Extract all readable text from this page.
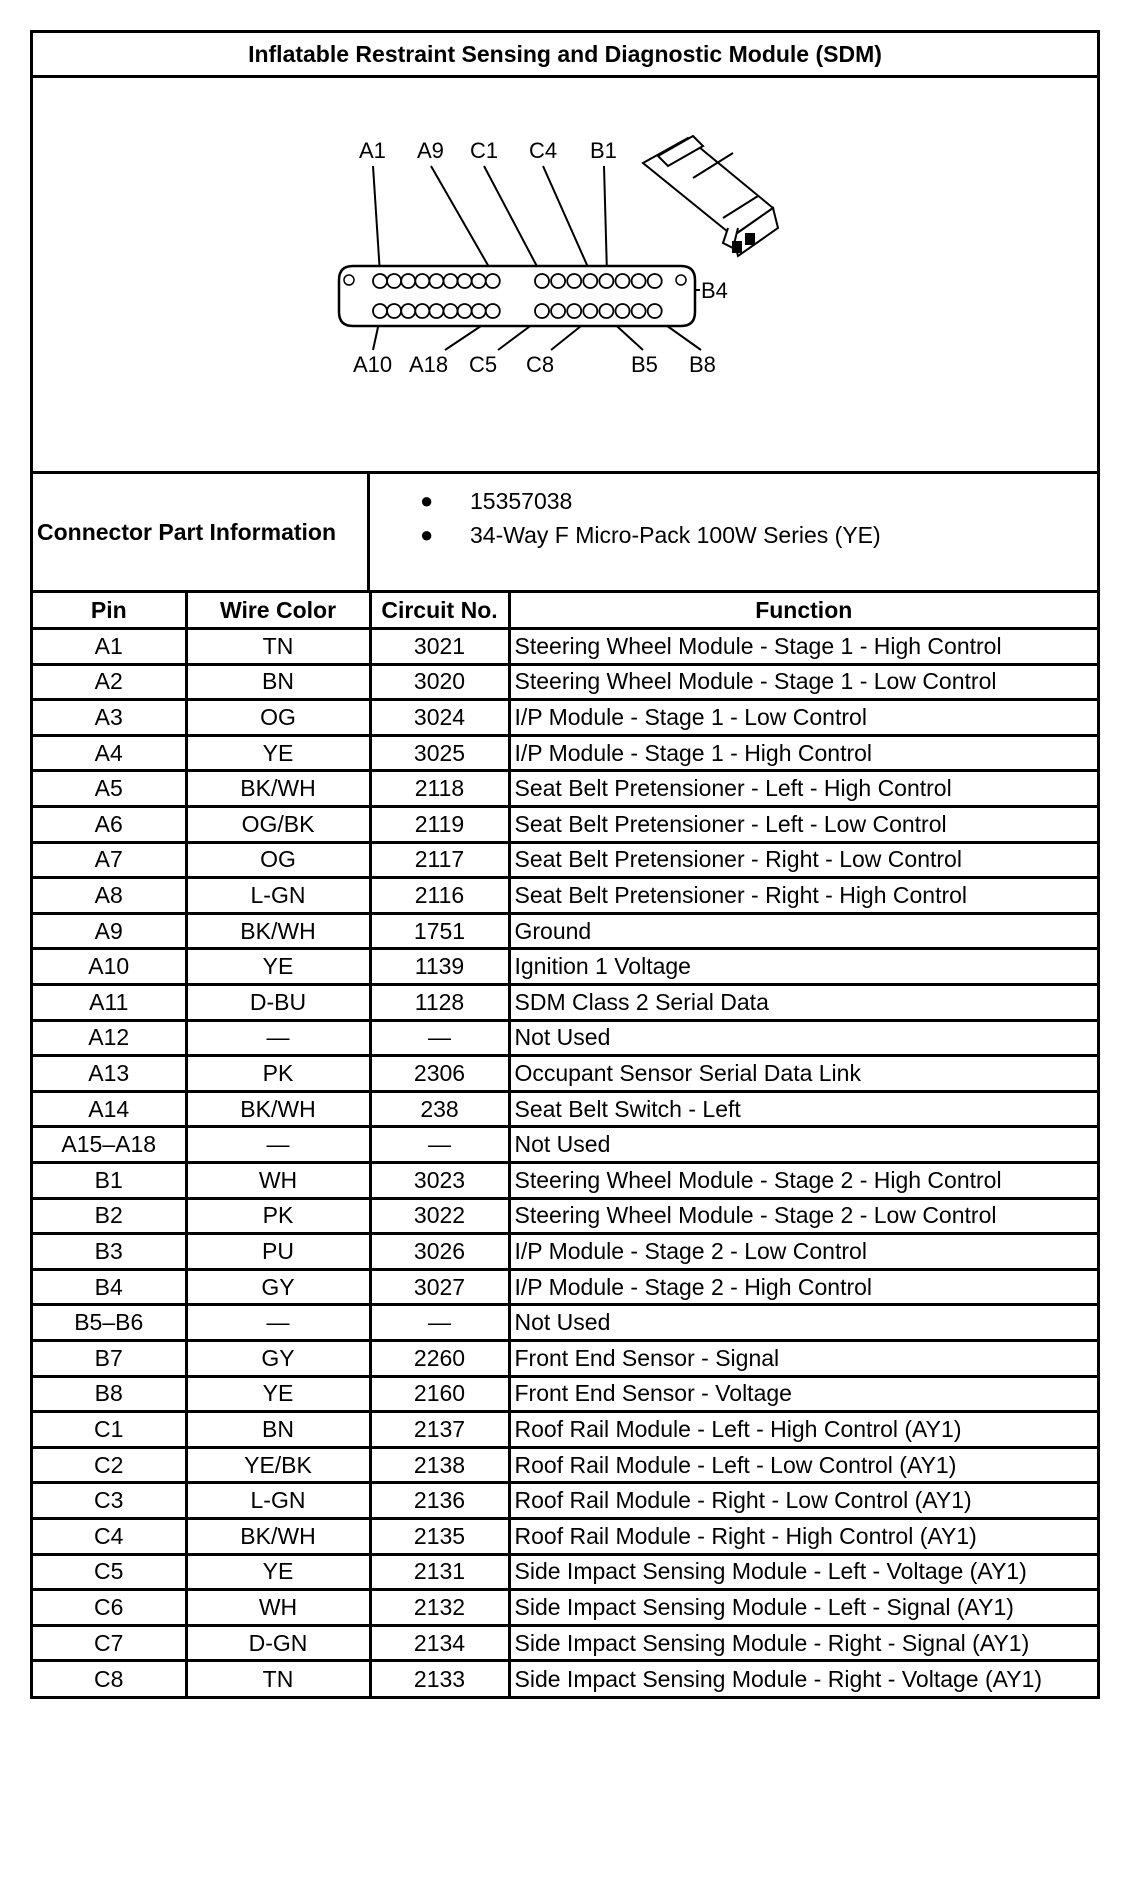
Inflatable Restraint Sensing and Diagnostic Module (SDM)
A1 A9 C1 C4 B1
A10 A18 C5 C8	B5 B8
B4
Connector Part Information
●	15357038
●	34-Way F Micro-Pack 100W Series (YE)
Pin	Wire Color	Circuit No.	Function
A1	TN	3021	Steering Wheel Module - Stage 1 - High Control
A2	BN	3020	Steering Wheel Module - Stage 1 - Low Control
A3	OG	3024	I/P Module - Stage 1 - Low Control
A4	YE	3025	I/P Module - Stage 1 - High Control
A5	BK/WH	2118	Seat Belt Pretensioner - Left - High Control
A6	OG/BK	2119	Seat Belt Pretensioner - Left - Low Control
A7	OG	2117	Seat Belt Pretensioner - Right - Low Control
A8	L-GN	2116	Seat Belt Pretensioner - Right - High Control
A9	BK/WH	1751	Ground
A10	YE	1139	Ignition 1 Voltage
A11	D-BU	1128	SDM Class 2 Serial Data
A12	—	—	Not Used
A13	PK	2306	Occupant Sensor Serial Data Link
A14	BK/WH	238	Seat Belt Switch - Left
A15–A18	—	—	Not Used
B1	WH	3023	Steering Wheel Module - Stage 2 - High Control
B2	PK	3022	Steering Wheel Module - Stage 2 - Low Control
B3	PU	3026	I/P Module - Stage 2 - Low Control
B4	GY	3027	I/P Module - Stage 2 - High Control
B5–B6	—	—	Not Used
B7	GY	2260	Front End Sensor - Signal
B8	YE	2160	Front End Sensor - Voltage
C1	BN	2137	Roof Rail Module - Left - High Control (AY1)
C2	YE/BK	2138	Roof Rail Module - Left - Low Control (AY1)
C3	L-GN	2136	Roof Rail Module - Right - Low Control (AY1)
C4	BK/WH	2135	Roof Rail Module - Right - High Control (AY1)
C5	YE	2131	Side Impact Sensing Module - Left - Voltage (AY1)
C6	WH	2132	Side Impact Sensing Module - Left - Signal (AY1)
C7	D-GN	2134	Side Impact Sensing Module - Right - Signal (AY1)
C8	TN	2133	Side Impact Sensing Module - Right - Voltage (AY1)
